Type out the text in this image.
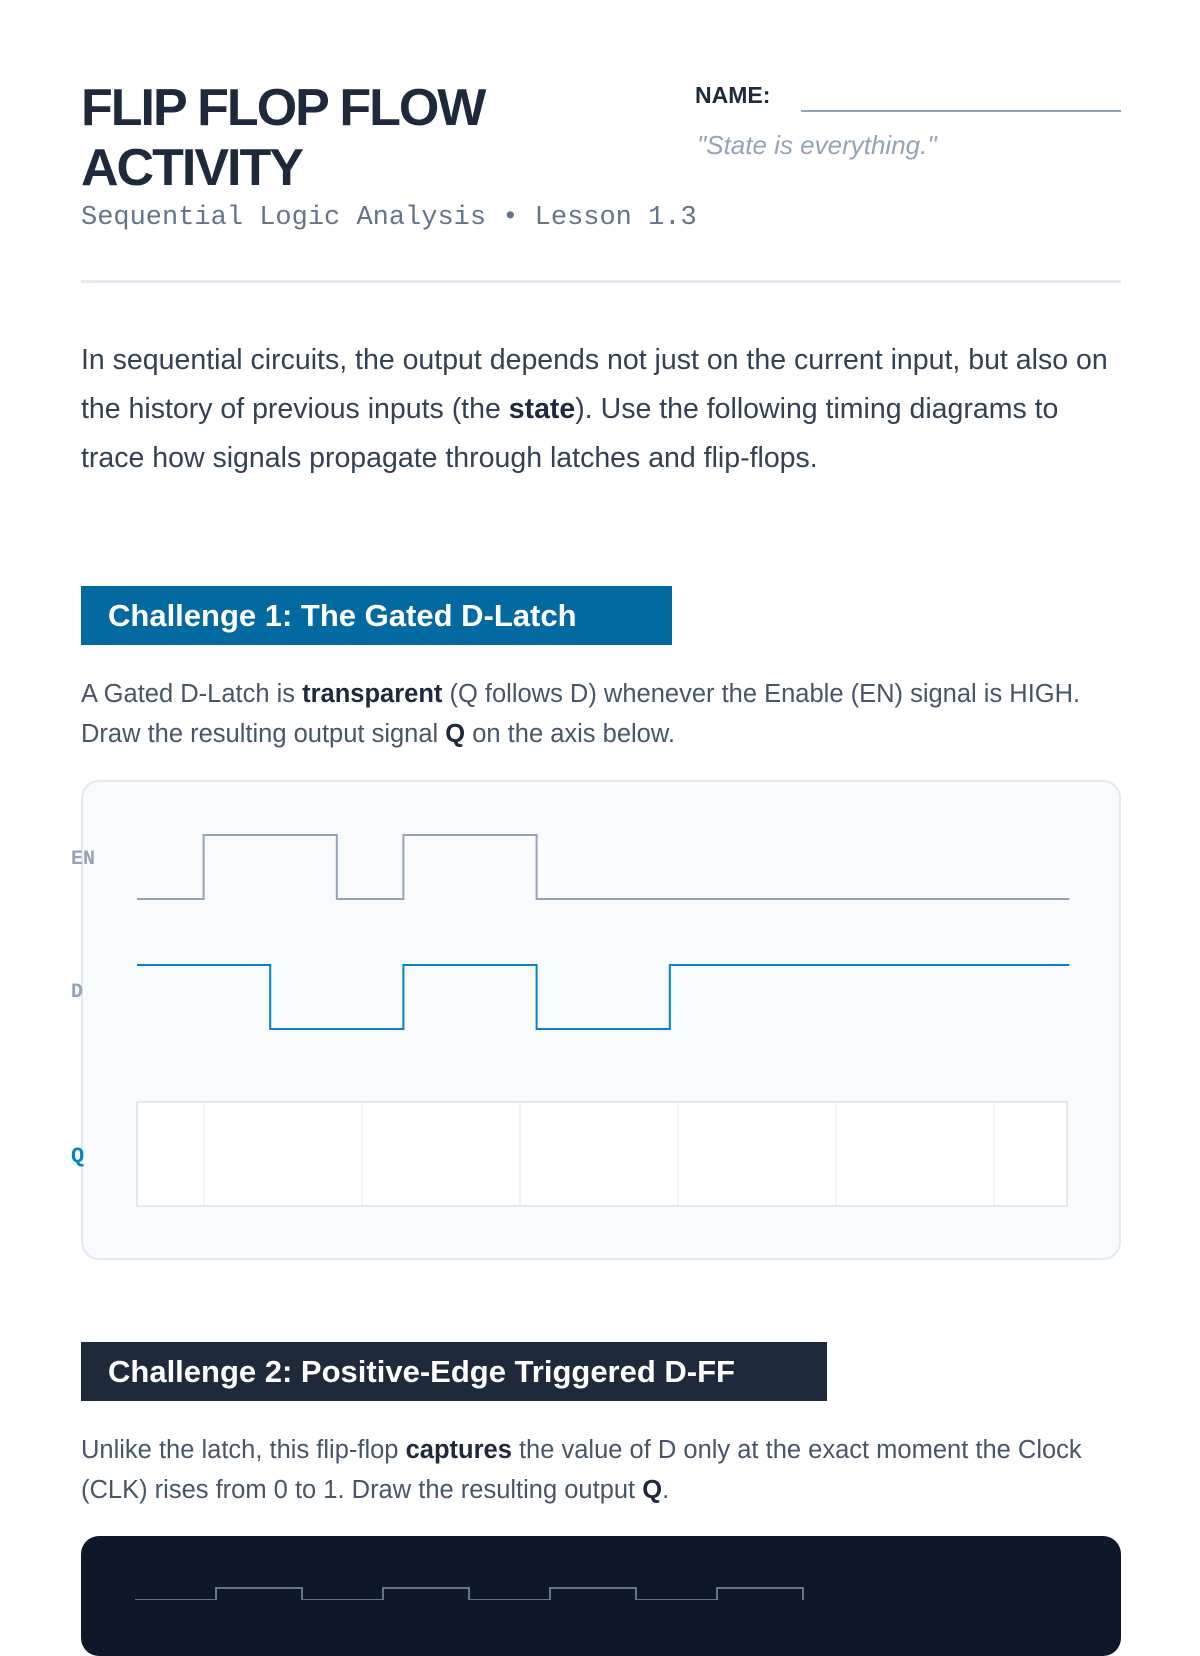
FLIP FLOP FLOW ACTIVITY
Sequential Logic Analysis • Lesson 1.3
NAME:
"State is everything."
In sequential circuits, the output depends not just on the current input, but also on the history of previous inputs (the state). Use the following timing diagrams to trace how signals propagate through latches and flip-flops.
Challenge 1: The Gated D-Latch
A Gated D-Latch is transparent (Q follows D) whenever the Enable (EN) signal is HIGH. Draw the resulting output signal Q on the axis below.
EN
D
Q
Challenge 2: Positive-Edge Triggered D-FF
Unlike the latch, this flip-flop captures the value of D only at the exact moment the Clock (CLK) rises from 0 to 1. Draw the resulting output Q.
